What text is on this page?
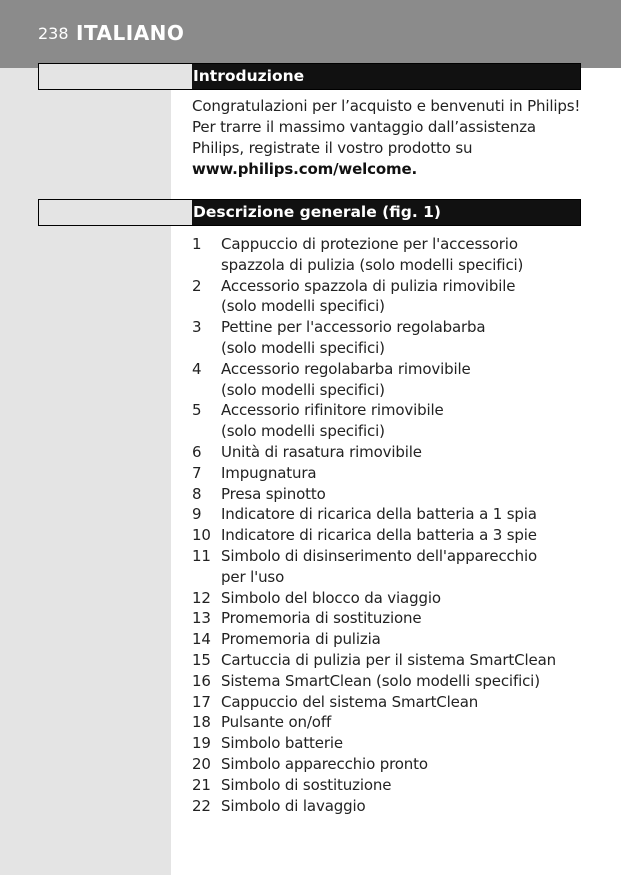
238 ITALIANO
Introduzione

Congratulazioni per l’acquisto e benvenuti in Philips! Per trarre il massimo vantaggio dall’assistenza Philips, registrate il vostro prodotto su www.philips.com/welcome.

Descrizione generale (fig. 1)
1	Cappuccio di protezione per l'accessorio
spazzola di pulizia (solo modelli specifici)
2	Accessorio spazzola di pulizia rimovibile
(solo modelli specifici)
3	Pettine per l'accessorio regolabarba
(solo modelli specifici)
4	Accessorio regolabarba rimovibile
(solo modelli specifici)
5	Accessorio rifinitore rimovibile
(solo modelli specifici)
6	Unità di rasatura rimovibile
7	Impugnatura
8	Presa spinotto
9	Indicatore di ricarica della batteria a 1 spia
10 Indicatore di ricarica della batteria a 3 spie
11 Simbolo di disinserimento dell'apparecchio
per l'uso
12 Simbolo del blocco da viaggio
13 Promemoria di sostituzione
14 Promemoria di pulizia
15 Cartuccia di pulizia per il sistema SmartClean
16 Sistema SmartClean (solo modelli specifici)
17 Cappuccio del sistema SmartClean
18 Pulsante on/off
19 Simbolo batterie
20 Simbolo apparecchio pronto
21 Simbolo di sostituzione
22 Simbolo di lavaggio
